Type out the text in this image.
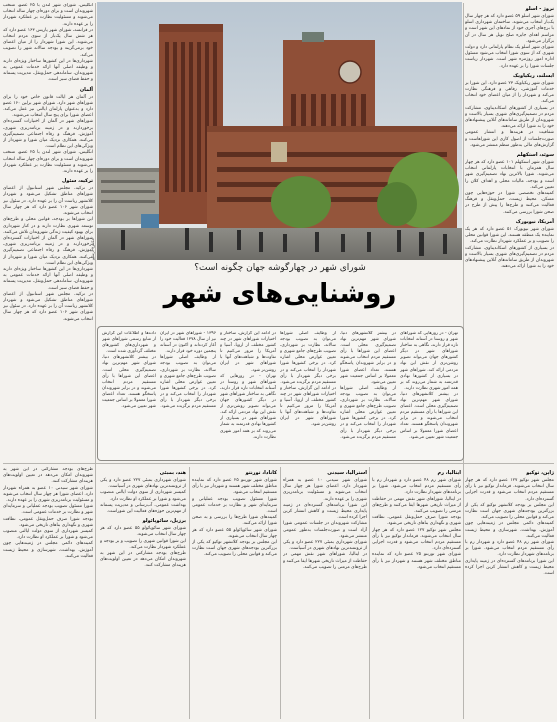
انگلیس، شورای شهر لندن با ۲۵ عضو، منتخب شهروندان است و برای دوره‌ای چهار ساله انتخاب می‌شوند و مسئولیت نظارت بر عملکرد شهردار را بر عهده دارند.

در فرانسه، شورای شهر پاریس ۱۶۳ عضو دارد که هر شش سال یک‌بار از سوی مردم انتخاب می‌شوند. این شورا شهردار را از میان اعضای خود برمی‌گزیند و بودجه سالانه شهر را تصویب می‌کند.

شهرداری‌ها در این کشورها ساختار ویژه‌ای دارند و وظیفه اصلی آنها ارائه خدمات عمومی به شهروندان، ساماندهی حمل‌ونقل، مدیریت پسماند و حفظ فضای سبز است.

آلمان

در آلمان هر ایالت قانون خاص خود را برای شوراهای شهر دارد. شورای شهر برلین ۱۶۰ عضو دارد و به‌عنوان پارلمان ایالتی نیز عمل می‌کند. اعضای شورا برای پنج سال انتخاب می‌شوند.

شوراهای شهر در آلمان از اختیارات گسترده‌ای برخوردارند و در زمینه برنامه‌ریزی شهری، آموزش، فرهنگ و رفاه اجتماعی تصمیم‌گیری می‌کنند. همکاری نزدیک میان شورا و شهردار از ویژگی‌های این نظام است.

انگلیس، شورای شهر لندن با ۲۵ عضو، منتخب شهروندان است و برای دوره‌ای چهار ساله انتخاب می‌شوند و مسئولیت نظارت بر عملکرد شهردار را بر عهده دارند.

ترکیه، سئول

در ترکیه، مجلس شهر استانبول از اعضای شوراهای مناطق تشکیل می‌شود و شهردار کلانشهر ریاست آن را بر عهده دارد. در سئول نیز شورای شهر ۱۰۶ عضو دارد که هر چهار سال انتخاب می‌شوند.

این شوراها بر بودجه، قوانین محلی و طرح‌های توسعه شهری نظارت دارند و در کنار شهرداری برای بهبود کیفیت زندگی شهروندان تلاش می‌کنند.

شوراهای شهر در آلمان از اختیارات گسترده‌ای برخوردارند و در زمینه برنامه‌ریزی شهری، آموزش، فرهنگ و رفاه اجتماعی تصمیم‌گیری می‌کنند. همکاری نزدیک میان شورا و شهردار از ویژگی‌های این نظام است.

شهرداری‌ها در این کشورها ساختار ویژه‌ای دارند و وظیفه اصلی آنها ارائه خدمات عمومی به شهروندان، ساماندهی حمل‌ونقل، مدیریت پسماند و حفظ فضای سبز است.

در ترکیه، مجلس شهر استانبول از اعضای شوراهای مناطق تشکیل می‌شود و شهردار کلانشهر ریاست آن را بر عهده دارد. در سئول نیز شورای شهر ۱۰۶ عضو دارد که هر چهار سال انتخاب می‌شوند.

نروژ - اسلو

شورای شهر اسلو ۵۹ عضو دارد که هر چهار سال یک‌بار انتخاب می‌شوند. ساختمان شهرداری اسلو با برج‌های آجری خود از نمادهای این شهر است و مراسم اهدای جایزه صلح نوبل هر سال در آن برگزار می‌شود.

شورای شهر اسلو یک نظام پارلمانی دارد و دولت شهری که از سوی شورا انتخاب می‌شود مسئول اداره امور روزمره شهر است. شهردار ریاست جلسات شورا را بر عهده دارد.

ایسلند، ریکیاویک

شورای شهر ریکیاویک ۲۳ عضو دارد. این شورا بر خدمات آموزشی، رفاهی و فرهنگی نظارت می‌کند و شهردار را از میان اعضای خود انتخاب می‌کند.

در بسیاری از کشورهای اسکاندیناوی، مشارکت مردم در تصمیم‌گیری‌های شهری بسیار بالاست و شهروندان از طریق سامانه‌های آنلاین پیشنهادهای خود را به شورا ارائه می‌دهند.

شفافیت در هزینه‌ها و انتشار عمومی صورت‌جلسات از اصول کاری این شوراهاست و گزارش‌های مالی به‌طور منظم منتشر می‌شود.

سوئد، استکهلم

شورای شهر استکهلم ۱۰۱ عضو دارد که هر چهار سال همزمان با انتخابات پارلمانی انتخاب می‌شوند. شورا بالاترین نهاد تصمیم‌گیری شهر است و بودجه، مالیات محلی و اهداف کلان را تعیین می‌کند.

کمیته‌های تخصصی شورا در حوزه‌هایی چون مسکن، محیط زیست، حمل‌ونقل و فرهنگ فعالیت می‌کنند و طرح‌ها را پیش از طرح در صحن شورا بررسی می‌کنند.

آمریکا، نیویورک

شورای شهر نیویورک ۵۱ عضو دارد که هر یک نماینده یک منطقه هستند. این شورا قوانین محلی را تصویب و بر عملکرد شهردار نظارت می‌کند.

در بسیاری از کشورهای اسکاندیناوی، مشارکت مردم در تصمیم‌گیری‌های شهری بسیار بالاست و شهروندان از طریق سامانه‌های آنلاین پیشنهادهای خود را به شورا ارائه می‌دهند.

عکس: آرشیو
شورای شهر در چهارگوشه جهان چگونه است؟
روشنایی‌های شهر

تهران - در روزهایی که شوراهای شهر و روستا در آستانه انتخابات تازه قرار دارند، نگاهی به ساختار شوراهای شهر در دیگر کشورهای جهان می‌تواند تصویر روشن‌تری از نقش این نهاد مردمی ارائه کند. شوراهای شهر در بسیاری از کشورها نهادی قدرتمند به شمار می‌روند که بر همه امور شهری نظارت دارند.

در بیشتر کلانشهرهای دنیا، شورای شهر مهم‌ترین نهاد تصمیم‌گیری محلی است. اعضای این شوراها با رأی مستقیم مردم انتخاب می‌شوند و در برابر شهروندان پاسخگو هستند. تعداد اعضای شورا معمولا بر اساس جمعیت شهر تعیین می‌شود.

در بیشتر کلانشهرهای دنیا، شورای شهر مهم‌ترین نهاد تصمیم‌گیری محلی است. اعضای این شوراها با رأی مستقیم مردم انتخاب می‌شوند و در برابر شهروندان پاسخگو هستند. تعداد اعضای شورا معمولا بر اساس جمعیت شهر تعیین می‌شود.

از وظایف اصلی شوراها می‌توان به تصویب بودجه سالانه، نظارت بر شهرداری، تصویب طرح‌های جامع شهری و تعیین عوارض محلی اشاره کرد. در برخی کشورها شورا شهردار را انتخاب می‌کند و در برخی دیگر شهردار با رأی مستقیم مردم برگزیده می‌شود.

از وظایف اصلی شوراها می‌توان به تصویب بودجه سالانه، نظارت بر شهرداری، تصویب طرح‌های جامع شهری و تعیین عوارض محلی اشاره کرد. در برخی کشورها شورا شهردار را انتخاب می‌کند و در برخی دیگر شهردار با رأی مستقیم مردم برگزیده می‌شود.

در ادامه این گزارش، ساختار و اختیارات شوراهای شهر در چند کشور مختلف از اروپا، آسیا و آمریکا را مرور می‌کنیم تا تفاوت‌ها و شباهت‌های آنها با شوراهای شهر در ایران روشن‌تر شود.

در ادامه این گزارش، ساختار و اختیارات شوراهای شهر در چند کشور مختلف از اروپا، آسیا و آمریکا را مرور می‌کنیم تا تفاوت‌ها و شباهت‌های آنها با شوراهای شهر در ایران روشن‌تر شود.

تهران - در روزهایی که شوراهای شهر و روستا در آستانه انتخابات تازه قرار دارند، نگاهی به ساختار شوراهای شهر در دیگر کشورهای جهان می‌تواند تصویر روشن‌تری از نقش این نهاد مردمی ارائه کند. شوراهای شهر در بسیاری از کشورها نهادی قدرتمند به شمار می‌روند که بر همه امور شهری نظارت دارند.

۱۳۹۶ - شوراهای شهر در ایران نیز از سال ۱۳۷۸ فعالیت خود را آغاز کرده‌اند و اکنون در آستانه پنجمین دوره خود قرار دارند.

از وظایف اصلی شوراها می‌توان به تصویب بودجه سالانه، نظارت بر شهرداری، تصویب طرح‌های جامع شهری و تعیین عوارض محلی اشاره کرد. در برخی کشورها شورا شهردار را انتخاب می‌کند و در برخی دیگر شهردار با رأی مستقیم مردم برگزیده می‌شود.

داده‌ها و اطلاعات این گزارش از منابع رسمی شوراهای شهر و شهرداری‌های کشورهای مختلف گردآوری شده است.

در بیشتر کلانشهرهای دنیا، شورای شهر مهم‌ترین نهاد تصمیم‌گیری محلی است. اعضای این شوراها با رأی مستقیم مردم انتخاب می‌شوند و در برابر شهروندان پاسخگو هستند. تعداد اعضای شورا معمولا بر اساس جمعیت شهر تعیین می‌شود.

ژاپن، توکیو

مجلس شهر توکیو ۱۲۷ عضو دارد که هر چهار سال انتخاب می‌شوند. فرماندار توکیو نیز با رأی مستقیم مردم انتخاب می‌شود و قدرت اجرایی گسترده‌ای دارد.

این مجلس بر بودجه کلانشهر توکیو که یکی از بزرگترین بودجه‌های شهری جهان است نظارت می‌کند و قوانین محلی را تصویب می‌کند.

کمیته‌های دائمی مجلس در زمینه‌هایی چون آموزش، بهداشت، شهرسازی و محیط زیست فعالیت می‌کنند.

شورای شهر رم ۴۸ عضو دارد و شهردار رم با رأی مستقیم مردم انتخاب می‌شود. شورا بر برنامه‌های شهردار نظارت دارد.

این شورا برنامه‌های گسترده‌ای در زمینه پایداری محیط زیست و کاهش انتشار کربن اجرا کرده است.

ایتالیا، رم

شورای شهر رم ۴۸ عضو دارد و شهردار رم با رأی مستقیم مردم انتخاب می‌شود. شورا بر برنامه‌های شهردار نظارت دارد.

در ایتالیا، شوراهای شهر نقش مهمی در حفاظت از میراث تاریخی شهرها ایفا می‌کنند و طرح‌های مرمتی را تصویب می‌کنند.

بودجه شورا صرف حمل‌ونقل عمومی، نظافت شهری و نگهداری بناهای تاریخی می‌شود.

مجلس شهر توکیو ۱۲۷ عضو دارد که هر چهار سال انتخاب می‌شوند. فرماندار توکیو نیز با رأی مستقیم مردم انتخاب می‌شود و قدرت اجرایی گسترده‌ای دارد.

شورای شهر تورنتو ۲۵ عضو دارد که نماینده مناطق مختلف شهر هستند و شهردار نیز با رأی مستقیم انتخاب می‌شود.

استرالیا، سیدنی

شورای شهر سیدنی ۱۰ عضو به همراه شهردار دارد. اعضای شورا هر چهار سال انتخاب می‌شوند و مسئولیت برنامه‌ریزی شهری را بر عهده دارند.

این شورا برنامه‌های گسترده‌ای در زمینه پایداری محیط زیست و کاهش انتشار کربن اجرا کرده است.

مشارکت شهروندان در جلسات عمومی شورا آزاد است و صورت‌جلسات به‌طور عمومی منتشر می‌شود.

شورای شهرداری بمبئی ۲۲۷ عضو دارد و یکی از ثروتمندترین نهادهای شهری در آسیاست.

در ایتالیا، شوراهای شهر نقش مهمی در حفاظت از میراث تاریخی شهرها ایفا می‌کنند و طرح‌های مرمتی را تصویب می‌کنند.

کانادا، تورنتو

شورای شهر تورنتو ۲۵ عضو دارد که نماینده مناطق مختلف شهر هستند و شهردار نیز با رأی مستقیم انتخاب می‌شود.

شورا مسئول تصویب بودجه عملیاتی و سرمایه‌ای شهر و نظارت بر خدمات عمومی است.

کمیته‌های شورا طرح‌ها را بررسی و به صحن شورا ارائه می‌کنند.

شورای شهر سائوپائولو ۵۵ عضو دارد که هر چهار سال انتخاب می‌شوند.

این مجلس بر بودجه کلانشهر توکیو که یکی از بزرگترین بودجه‌های شهری جهان است نظارت می‌کند و قوانین محلی را تصویب می‌کند.

هند، بمبئی

شورای شهرداری بمبئی ۲۲۷ عضو دارد و یکی از ثروتمندترین نهادهای شهری در آسیاست.

کمیسر شهرداری از سوی دولت ایالتی منصوب می‌شود و شورا بر عملکرد او نظارت دارد.

بهداشت عمومی، آب‌رسانی و مدیریت پسماند از مهم‌ترین حوزه‌های فعالیت این شوراست.

برزیل، سائوپائولو

شورای شهر سائوپائولو ۵۵ عضو دارد که هر چهار سال انتخاب می‌شوند.

این شورا قوانین شهری را تصویب و بر بودجه و عملکرد شهردار نظارت می‌کند.

طرح‌های بودجه مشارکتی در این شهر به شهروندان امکان می‌دهد در تعیین اولویت‌های هزینه‌ای مشارکت کنند.

طرح‌های بودجه مشارکتی در این شهر به شهروندان امکان می‌دهد در تعیین اولویت‌های هزینه‌ای مشارکت کنند.

شورای شهر سیدنی ۱۰ عضو به همراه شهردار دارد. اعضای شورا هر چهار سال انتخاب می‌شوند و مسئولیت برنامه‌ریزی شهری را بر عهده دارند.

شورا مسئول تصویب بودجه عملیاتی و سرمایه‌ای شهر و نظارت بر خدمات عمومی است.

بودجه شورا صرف حمل‌ونقل عمومی، نظافت شهری و نگهداری بناهای تاریخی می‌شود.

کمیسر شهرداری از سوی دولت ایالتی منصوب می‌شود و شورا بر عملکرد او نظارت دارد.

کمیته‌های دائمی مجلس در زمینه‌هایی چون آموزش، بهداشت، شهرسازی و محیط زیست فعالیت می‌کنند.
